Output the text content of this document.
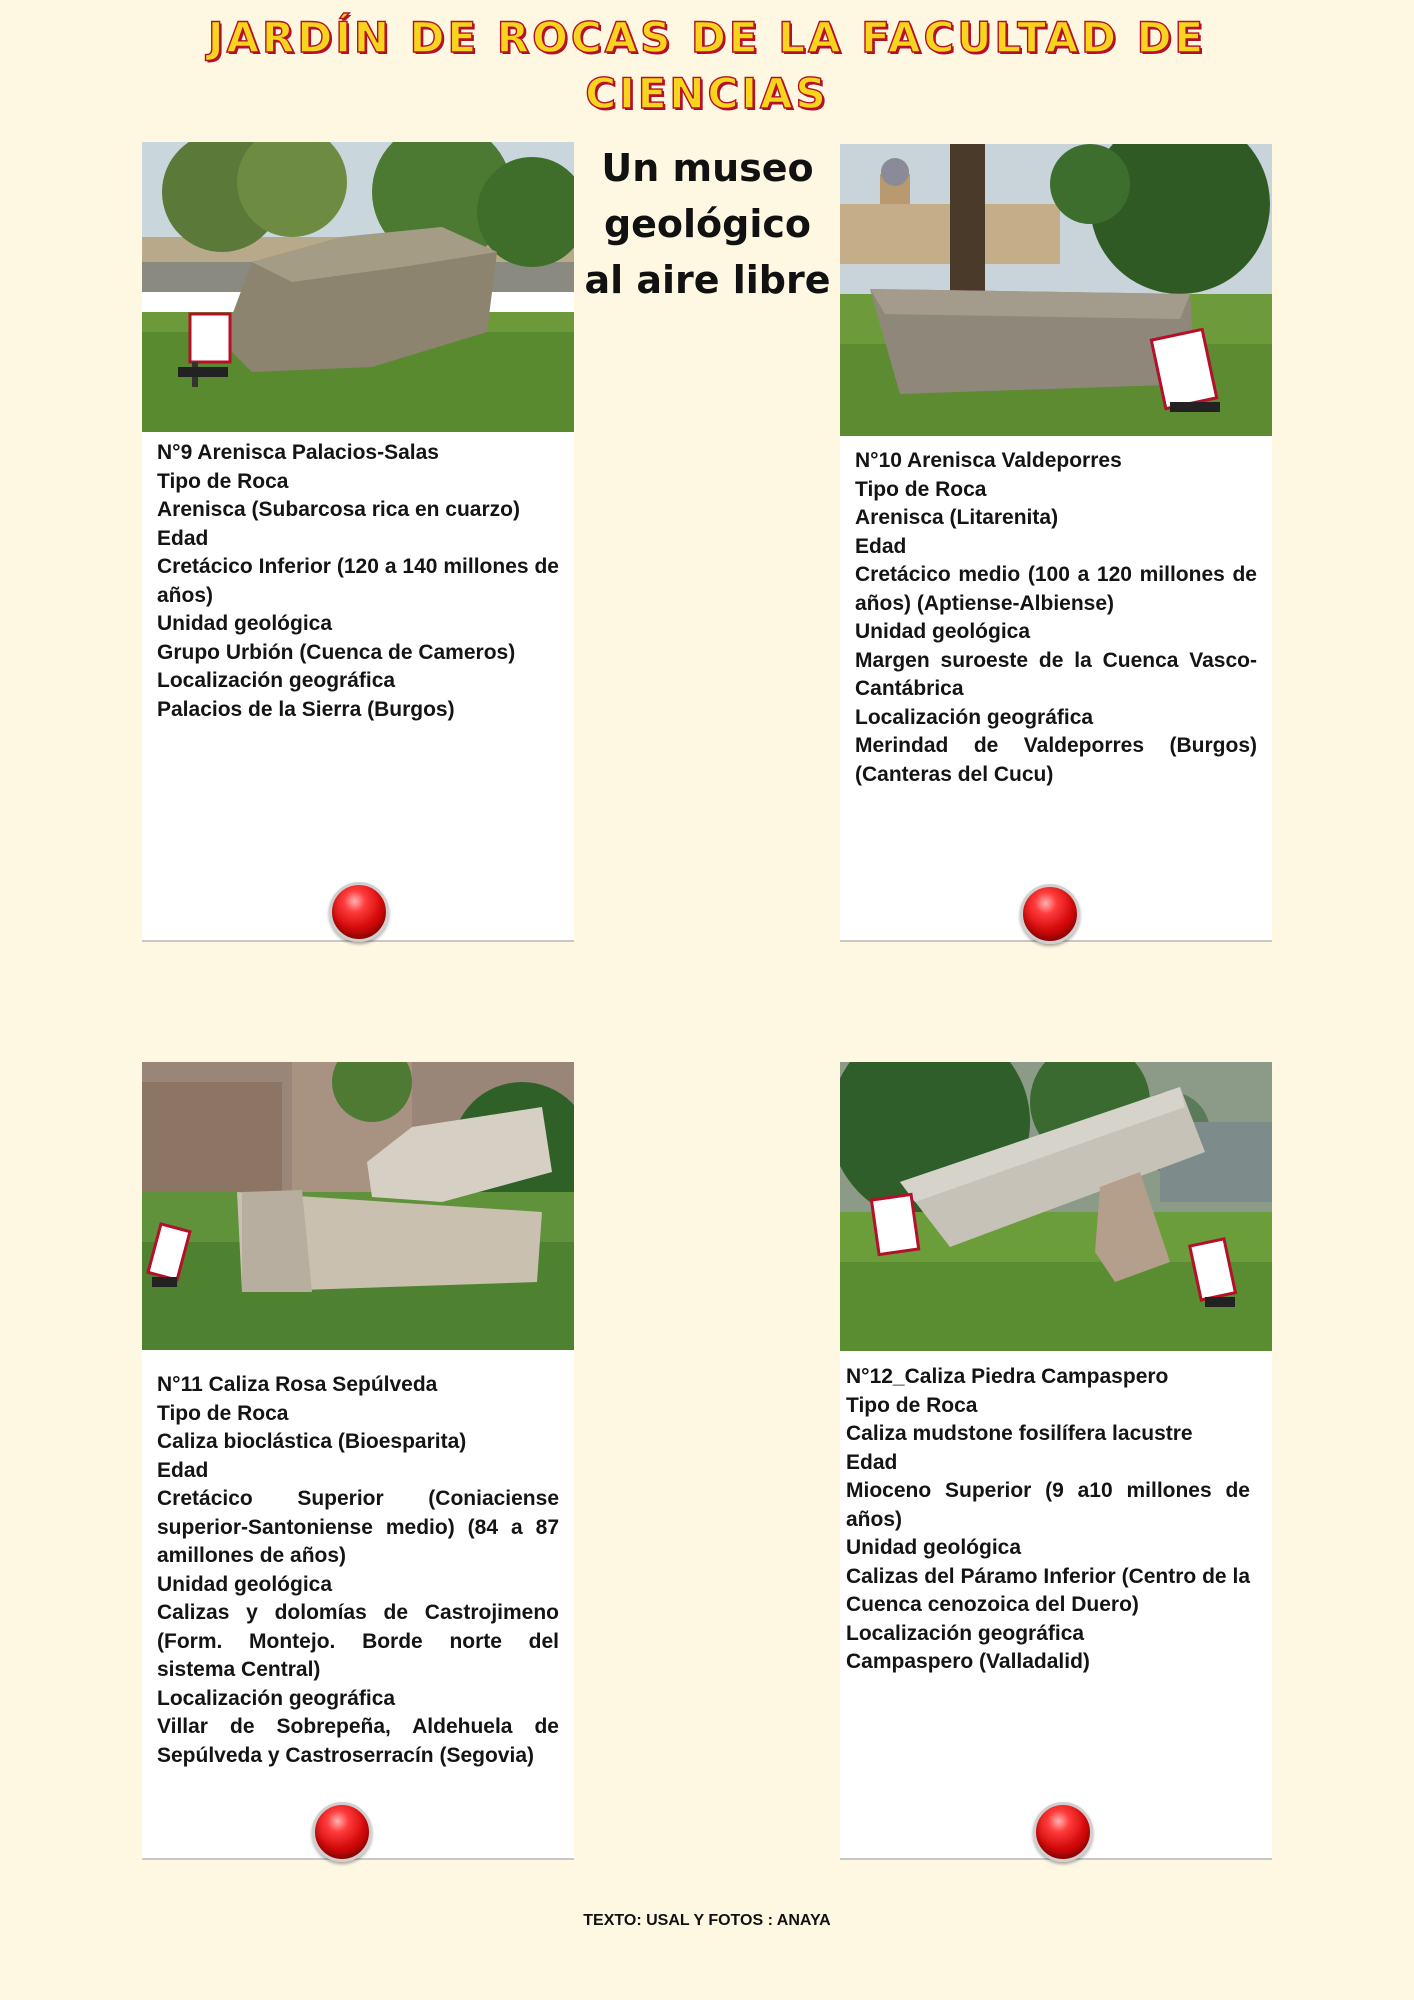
JARDÍN DE ROCAS DE LA FACULTAD DE CIENCIAS
Un museo geológico al aire libre

N°9 Arenisca Palacios-Salas

Tipo de Roca

Arenisca (Subarcosa rica en cuarzo)

Edad

Cretácico Inferior (120 a 140 millones de años)

Unidad geológica

Grupo Urbión (Cuenca de Cameros)

Localización geográfica

Palacios de la Sierra (Burgos)

N°10 Arenisca Valdeporres

Tipo de Roca

Arenisca (Litarenita)

Edad

Cretácico medio (100 a 120 millones de años) (Aptiense-Albiense)

Unidad geológica

Margen suroeste de la Cuenca Vasco-Cantábrica

Localización geográfica

Merindad de Valdeporres (Burgos) (Canteras del Cucu)

N°11 Caliza Rosa Sepúlveda

Tipo de Roca

Caliza bioclástica (Bioesparita)

Edad

Cretácico Superior (Coniaciense superior-Santoniense medio) (84 a 87 amillones de años)

Unidad geológica

Calizas y dolomías de Castrojimeno (Form. Montejo. Borde norte del sistema Central)

Localización geográfica

Villar de Sobrepeña, Aldehuela de Sepúlveda y Castroserracín (Segovia)

N°12_Caliza Piedra Campaspero

Tipo de Roca

Caliza mudstone fosilífera lacustre

Edad

Mioceno Superior (9 a10 millones de años)

Unidad geológica

Calizas del Páramo Inferior (Centro de la Cuenca cenozoica del Duero)

Localización geográfica

Campaspero (Valladalid)

TEXTO: USAL Y FOTOS : ANAYA
